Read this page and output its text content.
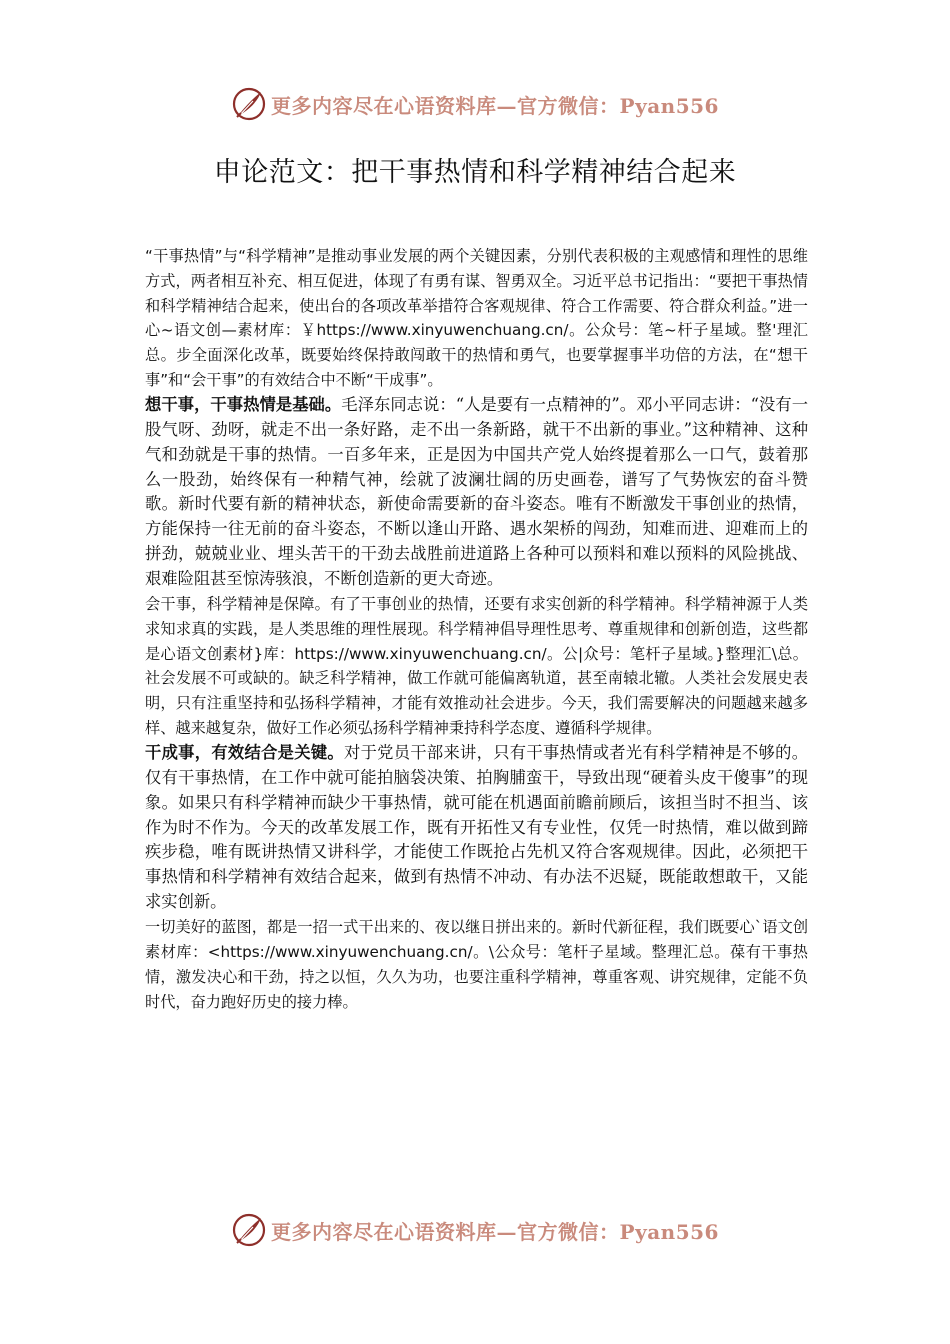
更多内容尽在心语资料库—官方微信：Pyan556
申论范文：把干事热情和科学精神结合起来

“干事热情”与“科学精神”是推动事业发展的两个关键因素，分别代表积极的主观感情和理性的思维方式，两者相互补充、相互促进，体现了有勇有谋、智勇双全。习近平总书记指出：“要把干事热情和科学精神结合起来，使出台的各项改革举措符合客观规律、符合工作需要、符合群众利益。”进一心~语文创—素材库：￥https://www.xinyuwenchuang.cn/。公众号：笔~杆子星域。整'理汇总。步全面深化改革，既要始终保持敢闯敢干的热情和勇气，也要掌握事半功倍的方法，在“想干事”和“会干事”的有效结合中不断“干成事”。

想干事，干事热情是基础。毛泽东同志说：“人是要有一点精神的”。邓小平同志讲：“没有一股气呀、劲呀，就走不出一条好路，走不出一条新路，就干不出新的事业。”这种精神、这种气和劲就是干事的热情。一百多年来，正是因为中国共产党人始终提着那么一口气，鼓着那么一股劲，始终保有一种精气神，绘就了波澜壮阔的历史画卷，谱写了气势恢宏的奋斗赞歌。新时代要有新的精神状态，新使命需要新的奋斗姿态。唯有不断激发干事创业的热情，方能保持一往无前的奋斗姿态，不断以逢山开路、遇水架桥的闯劲，知难而进、迎难而上的拼劲，兢兢业业、埋头苦干的干劲去战胜前进道路上各种可以预料和难以预料的风险挑战、艰难险阻甚至惊涛骇浪，不断创造新的更大奇迹。

会干事，科学精神是保障。有了干事创业的热情，还要有求实创新的科学精神。科学精神源于人类求知求真的实践，是人类思维的理性展现。科学精神倡导理性思考、尊重规律和创新创造，这些都是心语文创素材}库：https://www.xinyuwenchuang.cn/。公|众号：笔杆子星域。}整理汇\总。社会发展不可或缺的。缺乏科学精神，做工作就可能偏离轨道，甚至南辕北辙。人类社会发展史表明，只有注重坚持和弘扬科学精神，才能有效推动社会进步。今天，我们需要解决的问题越来越多样、越来越复杂，做好工作必须弘扬科学精神秉持科学态度、遵循科学规律。

干成事，有效结合是关键。对于党员干部来讲，只有干事热情或者光有科学精神是不够的。仅有干事热情，在工作中就可能拍脑袋决策、拍胸脯蛮干，导致出现“硬着头皮干傻事”的现象。如果只有科学精神而缺少干事热情，就可能在机遇面前瞻前顾后，该担当时不担当、该作为时不作为。今天的改革发展工作，既有开拓性又有专业性，仅凭一时热情，难以做到蹄疾步稳，唯有既讲热情又讲科学，才能使工作既抢占先机又符合客观规律。因此，必须把干事热情和科学精神有效结合起来，做到有热情不冲动、有办法不迟疑，既能敢想敢干，又能求实创新。

一切美好的蓝图，都是一招一式干出来的、夜以继日拼出来的。新时代新征程，我们既要心`语文创素材库：<https://www.xinyuwenchuang.cn/。\公众号：笔杆子星域。整理汇总。葆有干事热情，激发决心和干劲，持之以恒，久久为功，也要注重科学精神，尊重客观、讲究规律，定能不负时代，奋力跑好历史的接力棒。

更多内容尽在心语资料库—官方微信：Pyan556
